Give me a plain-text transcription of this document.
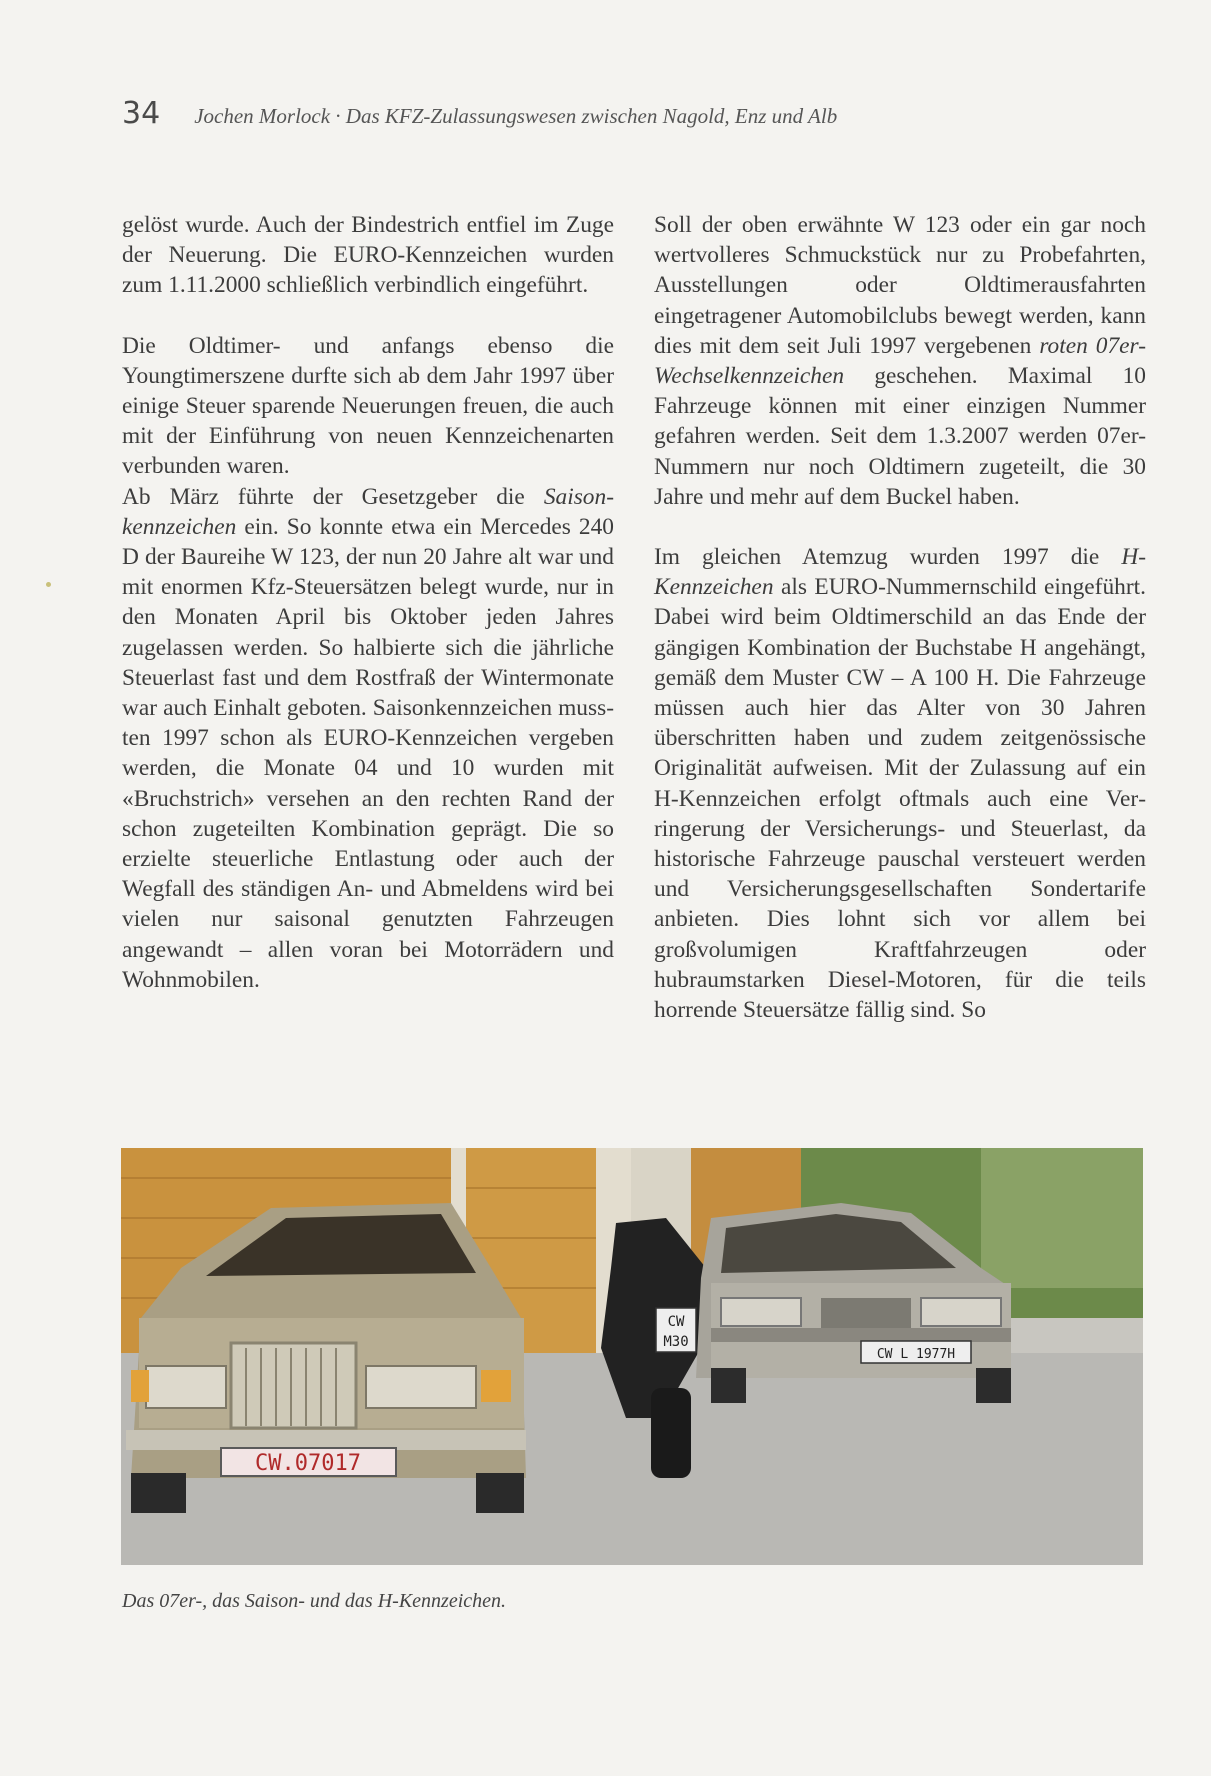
34 Jochen Morlock · Das KFZ-Zulassungswesen zwischen Nagold, Enz und Alb

gelöst wurde. Auch der Bindestrich entfiel im Zuge der Neuerung. Die EURO-Kennzeichen wurden zum 1.11.2000 schließlich verbindlich eingeführt.

Die Oldtimer- und anfangs ebenso die Youngtimerszene durfte sich ab dem Jahr 1997 über einige Steuer sparende Neuerungen freuen, die auch mit der Einführung von neuen Kennzeichenarten verbunden waren.

Ab März führte der Gesetzgeber die Saisonkennzeichen ein. So konnte etwa ein Mercedes 240 D der Baureihe W 123, der nun 20 Jahre alt war und mit enormen Kfz-Steuersätzen belegt wurde, nur in den Monaten April bis Oktober jeden Jahres zugelassen werden. So halbierte sich die jährliche Steuerlast fast und dem Rostfraß der Wintermonate war auch Einhalt geboten. Saisonkennzeichen mussten 1997 schon als EURO-Kennzeichen vergeben werden, die Monate 04 und 10 wurden mit «Bruchstrich» versehen an den rechten Rand der schon zugeteilten Kombination geprägt. Die so erzielte steuerliche Entlastung oder auch der Wegfall des ständigen An- und Abmeldens wird bei vielen nur saisonal genutzten Fahrzeugen angewandt – allen voran bei Motorrädern und Wohnmobilen.

Soll der oben erwähnte W 123 oder ein gar noch wertvolleres Schmuckstück nur zu Probefahrten, Ausstellungen oder Oldtimerausfahrten eingetragener Automobilclubs bewegt werden, kann dies mit dem seit Juli 1997 vergebenen roten 07er-Wechselkennzeichen geschehen. Maximal 10 Fahrzeuge können mit einer einzigen Nummer gefahren werden. Seit dem 1.3.2007 werden 07er-Nummern nur noch Oldtimern zugeteilt, die 30 Jahre und mehr auf dem Buckel haben.

Im gleichen Atemzug wurden 1997 die H-Kennzeichen als EURO-Nummernschild eingeführt. Dabei wird beim Oldtimerschild an das Ende der gängigen Kombination der Buchstabe H angehängt, gemäß dem Muster CW – A 100 H. Die Fahrzeuge müssen auch hier das Alter von 30 Jahren überschritten haben und zudem zeitgenössische Originalität aufweisen. Mit der Zulassung auf ein H-Kennzeichen erfolgt oftmals auch eine Verringerung der Versicherungs- und Steuerlast, da historische Fahrzeuge pauschal versteuert werden und Versicherungsgesellschaften Sondertarife anbieten. Dies lohnt sich vor allem bei großvolumigen Kraftfahrzeugen oder hubraumstarken Diesel-Motoren, für die teils horrende Steuersätze fällig sind. So

CW.07017
CW
M30
CW L 1977H
Das 07er-, das Saison- und das H-Kennzeichen.
